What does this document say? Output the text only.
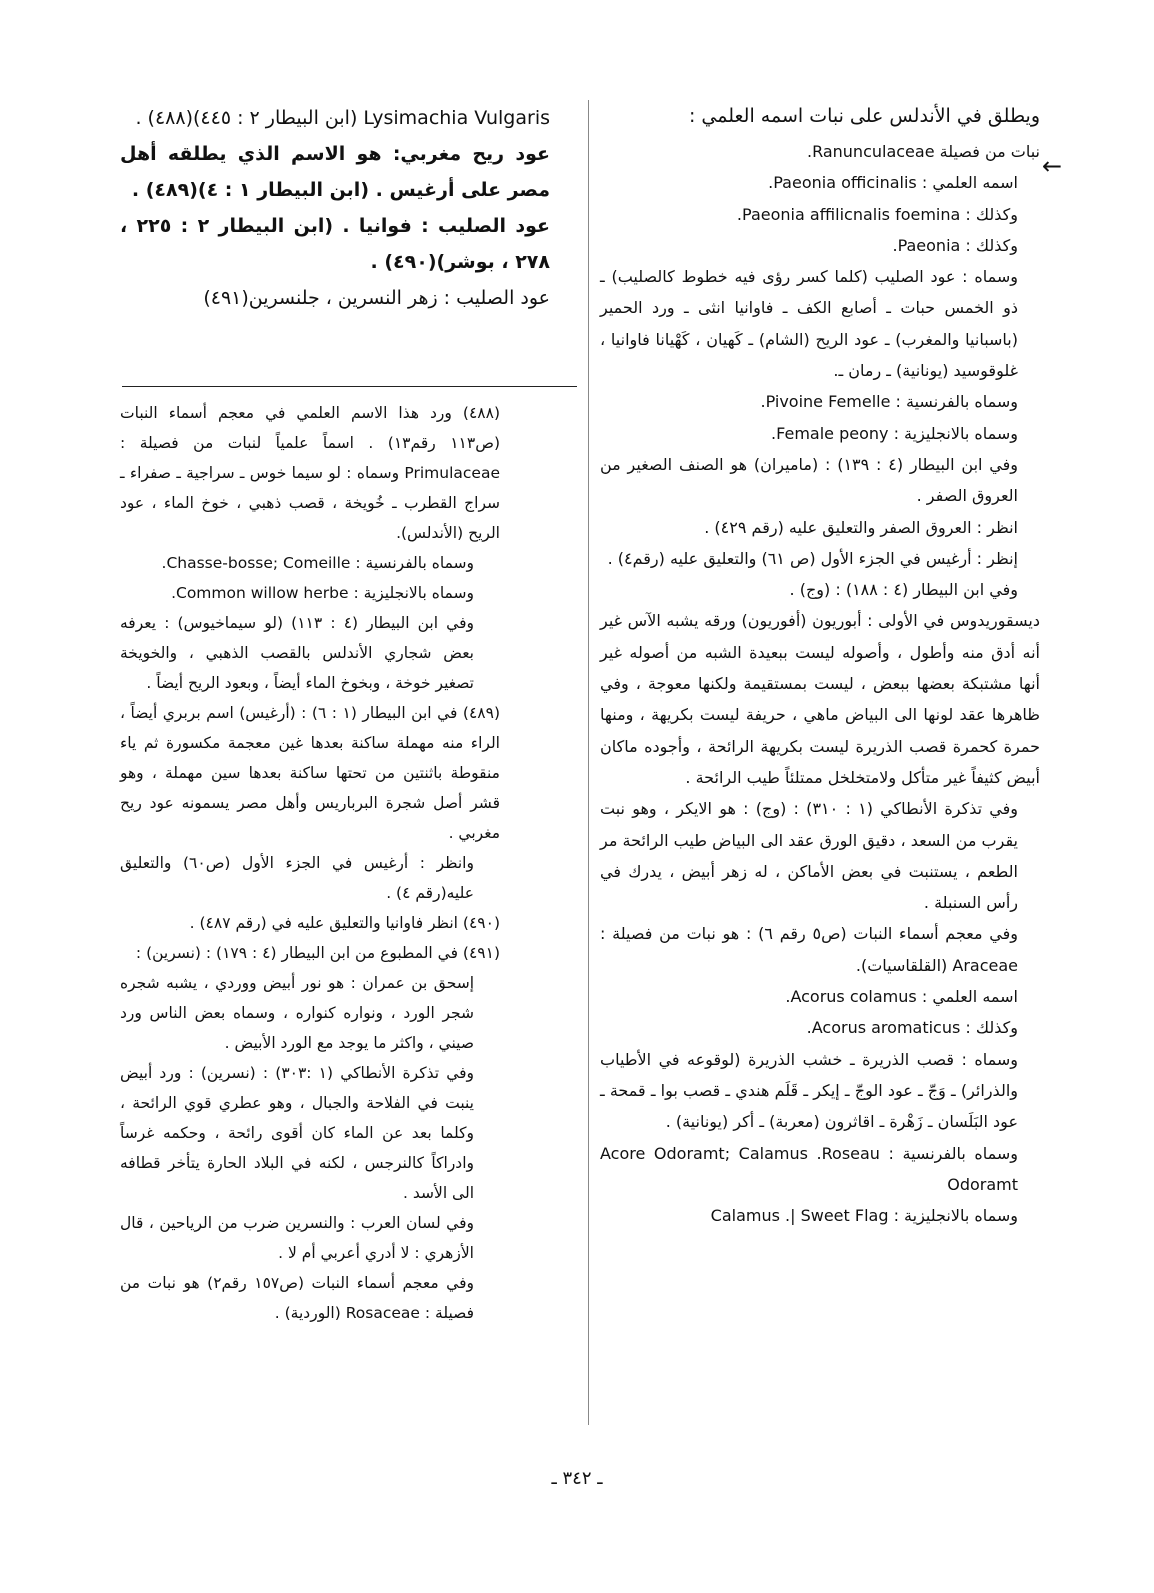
←

ويطلق في الأندلس على نبات اسمه العلمي :

نبات من فصيلة Ranunculaceae.

اسمه العلمي : Paeonia officinalis.

وكذلك : Paeonia affilicnalis foemina.

وكذلك : Paeonia.

وسماه : عود الصليب (كلما كسر رؤى فيه خطوط كالصليب) ـ ذو الخمس حبات ـ أصابع الكف ـ فاوانيا انثى ـ ورد الحمير (باسبانيا والمغرب) ـ عود الريح (الشام) ـ كَهيان ، كَهْيانا فاوانيا ، غلوقوسيد (يونانية) ـ رمان ـ.

وسماه بالفرنسية : Pivoine Femelle.

وسماه بالانجليزية : Female peony.

وفي ابن البيطار (٤ : ١٣٩) : (ماميران) هو الصنف الصغير من العروق الصفر .

انظر : العروق الصفر والتعليق عليه (رقم ٤٢٩) .

إنظر : أرغيس في الجزء الأول (ص ٦١) والتعليق عليه (رقم٤) .

وفي ابن البيطار (٤ : ١٨٨) : (وج) .

ديسقوريدوس في الأولى : أبوريون (أفوريون) ورقه يشبه الآس غير أنه أدق منه وأطول ، وأصوله ليست ببعيدة الشبه من أصوله غير أنها مشتبكة بعضها ببعض ، ليست بمستقيمة ولكنها معوجة ، وفي ظاهرها عقد لونها الى البياض ماهي ، حريفة ليست بكريهة ، ومنها حمرة كحمرة قصب الذريرة ليست بكريهة الرائحة ، وأجوده ماكان أبيض كثيفاً غير متأكل ولامتخلخل ممتلئاً طيب الرائحة .

وفي تذكرة الأنطاكي (١ : ٣١٠) : (وج) : هو الايكر ، وهو نبت يقرب من السعد ، دقيق الورق عقد الى البياض طيب الرائحة مر الطعم ، يستنبت في بعض الأماكن ، له زهر أبيض ، يدرك في رأس السنبلة .

وفي معجم أسماء النبات (ص٥ رقم ٦) : هو نبات من فصيلة : Araceae (القلقاسيات).

اسمه العلمي : Acorus colamus.

وكذلك : Acorus aromaticus.

وسماه : قصب الذريرة ـ خشب الذريرة (لوقوعه في الأطياب والذرائر) ـ وَجّ ـ عود الوجّ ـ إيكر ـ قَلَم هندي ـ قصب بوا ـ قمحة ـ عود البَلَسان ـ زَهْرة ـ اقاثرون (معربة) ـ أكر (يونانية) .

وسماه بالفرنسية : Acore Odoramt; Calamus .Roseau Odoramt

وسماه بالانجليزية : Calamus .| Sweet Flag

Lysimachia Vulgaris (ابن البيطار ٢ : ٤٤٥)(٤٨٨) .

عود ريح مغربي: هو الاسم الذي يطلقه أهل مصر على أرغيس . (ابن البيطار ١ : ٤)(٤٨٩) .

عود الصليب : فوانيا . (ابن البيطار ٢ : ٢٢٥ ، ٢٧٨ ، بوشر)(٤٩٠) .

عود الصليب : زهر النسرين ، جلنسرين(٤٩١)

(٤٨٨) ورد هذا الاسم العلمي في معجم أسماء النبات (ص١١٣ رقم١٣) . اسماً علمياً لنبات من فصيلة : Primulaceae وسماه : لو سيما خوس ـ سراجية ـ صفراء ـ سراج القطرب ـ خُويخة ، قصب ذهبي ، خوخ الماء ، عود الريح (الأندلس).

وسماه بالفرنسية : Chasse-bosse; Comeille.

وسماه بالانجليزية : Common willow herbe.

وفي ابن البيطار (٤ : ١١٣) (لو سيماخيوس) : يعرفه بعض شجاري الأندلس بالقصب الذهبي ، والخويخة تصغير خوخة ، وبخوخ الماء أيضاً ، وبعود الريح أيضاً .

(٤٨٩) في ابن البيطار (١ : ٦) : (أرغيس) اسم بربري أيضاً ، الراء منه مهملة ساكنة بعدها غين معجمة مكسورة ثم ياء منقوطة باثنتين من تحتها ساكنة بعدها سين مهملة ، وهو قشر أصل شجرة البرباريس وأهل مصر يسمونه عود ريح مغربي .

وانظر : أرغيس في الجزء الأول (ص٦٠) والتعليق عليه(رقم ٤) .

(٤٩٠) انظر فاوانيا والتعليق عليه في (رقم ٤٨٧) .

(٤٩١) في المطبوع من ابن البيطار (٤ : ١٧٩) : (نسرين) :

إسحق بن عمران : هو نور أبيض ووردي ، يشبه شجره شجر الورد ، ونواره كنواره ، وسماه بعض الناس ورد صيني ، واكثر ما يوجد مع الورد الأبيض .

وفي تذكرة الأنطاكي (١ :٣٠٣) : (نسرين) : ورد أبيض ينبت في الفلاحة والجبال ، وهو عطري قوي الرائحة ، وكلما بعد عن الماء كان أقوى رائحة ، وحكمه غرساً وادراكاً كالنرجس ، لكنه في البلاد الحارة يتأخر قطافه الى الأسد .

وفي لسان العرب : والنسرين ضرب من الرياحين ، قال الأزهري : لا أدري أعربي أم لا .

وفي معجم أسماء النبات (ص١٥٧ رقم٢) هو نبات من فصيلة : Rosaceae (الوردية) .

ـ ٣٤٢ ـ
